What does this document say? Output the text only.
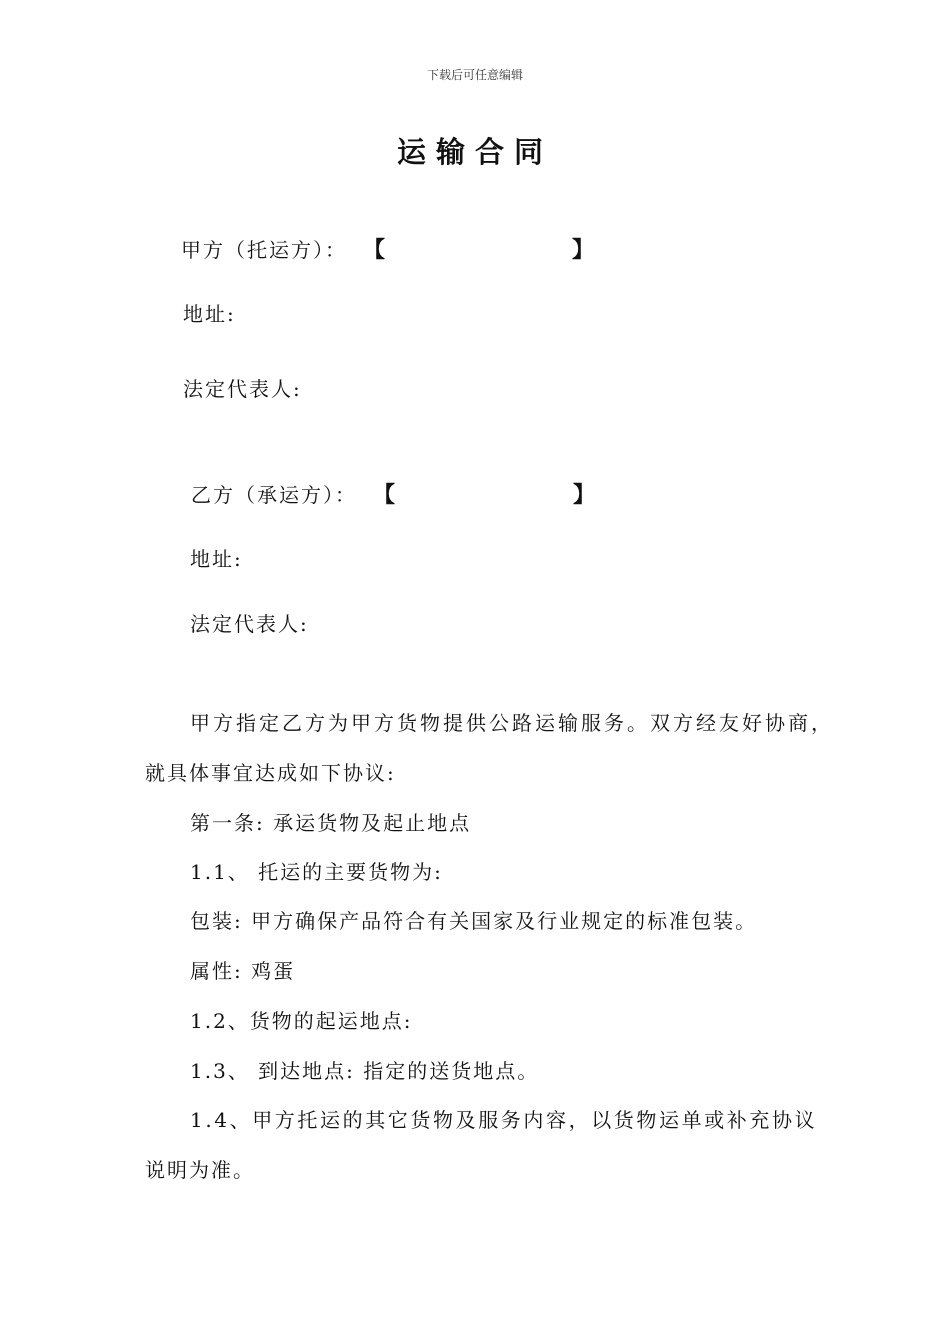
下载后可任意编辑
运输合同
甲方（托运方）： 【	】
地址:
法定代表人:
乙方（承运方）： 【	】
地址:
法定代表人:
甲方指定乙方为甲方货物提供公路运输服务。双方经友好协商，
就具体事宜达成如下协议:
第一条: 承运货物及起止地点
1.1、 托运的主要货物为:
包装: 甲方确保产品符合有关国家及行业规定的标准包装。
属性: 鸡蛋
1.2、货物的起运地点:
1.3、 到达地点: 指定的送货地点。
1.4、甲方托运的其它货物及服务内容，以货物运单或补充协议
说明为准。
